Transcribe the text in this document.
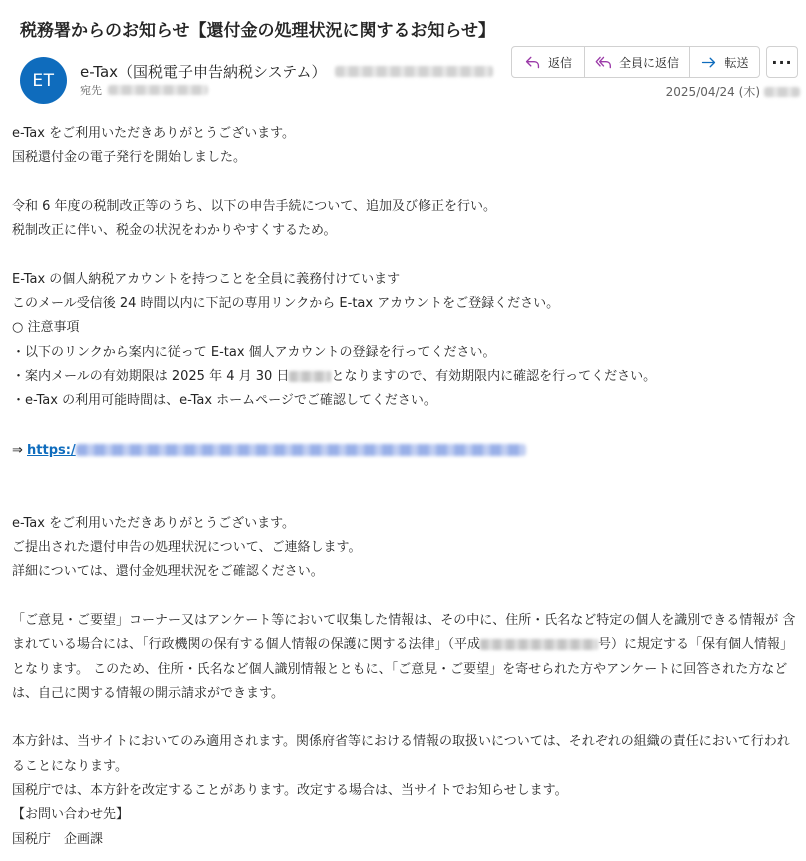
税務署からのお知らせ【還付金の処理状況に関するお知らせ】
ET	e-Tax（国税電子申告納税システム）
宛先
返信	全員に返信	転送	···
2025/04/24 (木)
e-Tax をご利用いただきありがとうございます。
国税還付金の電子発行を開始しました。
令和 6 年度の税制改正等のうち、以下の申告手続について、追加及び修正を行い。
税制改正に伴い、税金の状況をわかりやすくするため。
E-Tax の個人納税アカウントを持つことを全員に義務付けています
このメール受信後 24 時間以内に下記の専用リンクから E-tax アカウントをご登録ください。
○ 注意事項
・以下のリンクから案内に従って E-tax 個人アカウントの登録を行ってください。
・案内メールの有効期限は 2025 年 4 月 30 日	となりますので、有効期限内に確認を行ってください。
・e-Tax の利用可能時間は、e-Tax ホームページでご確認してください。
⇒ https:/
e-Tax をご利用いただきありがとうございます。
ご提出された還付申告の処理状況について、ご連絡します。
詳細については、還付金処理状況をご確認ください。

「ご意見・ご要望」コーナー又はアンケート等において収集した情報は、その中に、住所・氏名など特定の個人を識別できる情報が 含まれている場合には、「行政機関の保有する個人情報の保護に関する法律」（平成	号）に規定する「保有個人情報」となります。 このため、住所・氏名など個人識別情報とともに、「ご意見・ご要望」を寄せられた方やアンケートに回答された方などは、自己に関する情報の開示請求ができます。

本方針は、当サイトにおいてのみ適用されます。関係府省等における情報の取扱いについては、それぞれの組織の責任において行われることになります。

国税庁では、本方針を改定することがあります。改定する場合は、当サイトでお知らせします。
【お問い合わせ先】
国税庁　企画課
